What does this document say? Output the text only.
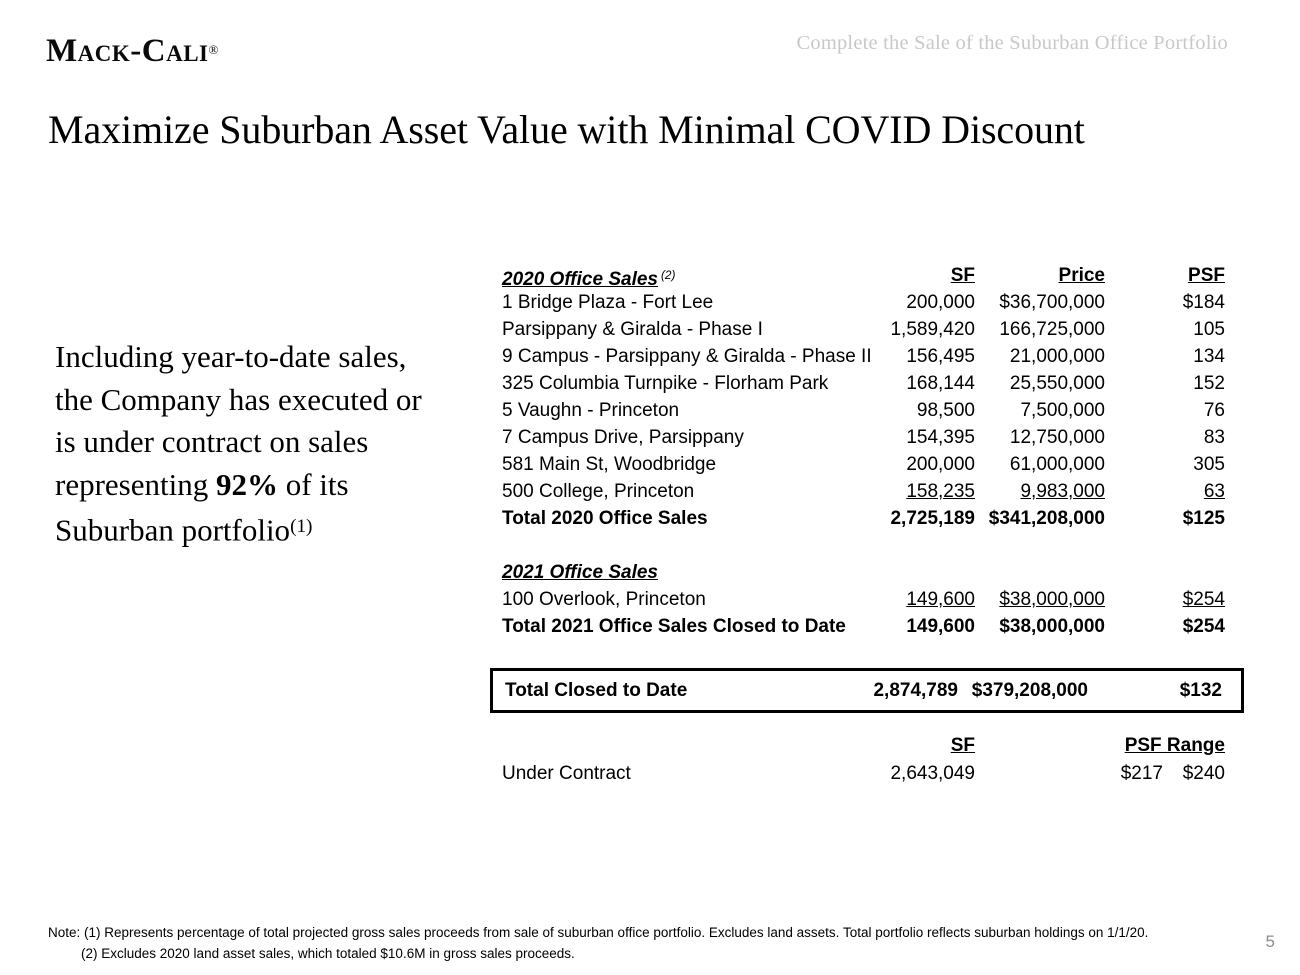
Mack-Cali®	Complete the Sale of the Suburban Office Portfolio
Maximize Suburban Asset Value with Minimal COVID Discount
Including year-to-date sales, the Company has executed or is under contract on sales representing 92% of its Suburban portfolio$^{(1)}$
2020 Office Sales $^{(2)}$	SF	Price	PSF
1 Bridge Plaza - Fort Lee	200,000	$36,700,000	$184
Parsippany & Giralda - Phase I	1,589,420	166,725,000	105
9 Campus - Parsippany & Giralda - Phase II	156,495	21,000,000	134
325 Columbia Turnpike - Florham Park	168,144	25,550,000	152
5 Vaughn - Princeton	98,500	7,500,000	76
7 Campus Drive, Parsippany	154,395	12,750,000	83
581 Main St, Woodbridge	200,000	61,000,000	305
500 College, Princeton	158,235	9,983,000	63
Total 2020 Office Sales	2,725,189 $341,208,000	$125
2021 Office Sales
100 Overlook, Princeton	149,600	$38,000,000	$254
Total 2021 Office Sales Closed to Date	149,600	$38,000,000	$254
Total Closed to Date	2,874,789 $379,208,000	$132
SF	PSF Range
Under Contract	2,643,049	$217 $240
Note: (1) Represents percentage of total projected gross sales proceeds from sale of suburban office portfolio. Excludes land assets. Total portfolio reflects suburban holdings on 1/1/20.
(2) Excludes 2020 land asset sales, which totaled $10.6M in gross sales proceeds.
5
